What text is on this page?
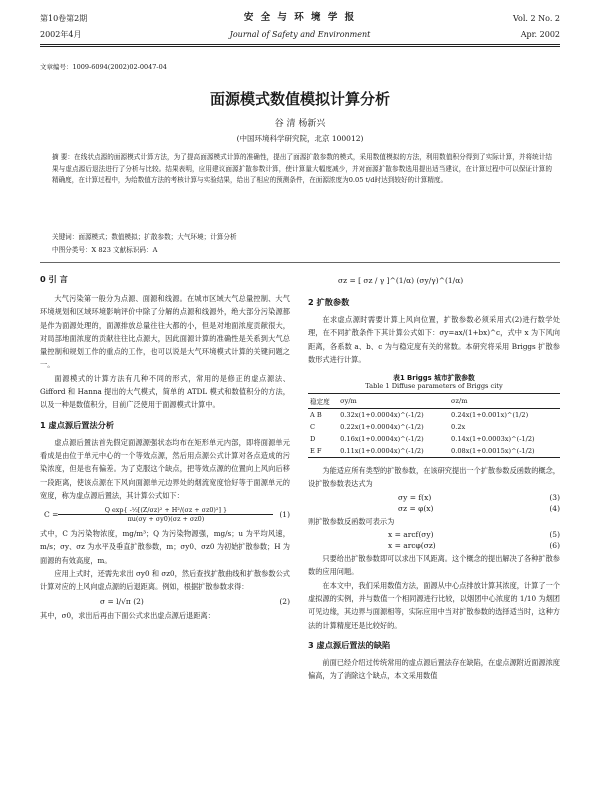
第10卷第2期
2002年4月
安 全 与 环 境 学 报
Journal of Safety and Environment
Vol. 2 No. 2
Apr. 2002
文章编号：1009-6094(2002)02-0047-04
面源模式数值模拟计算分析
谷 清 杨新兴
(中国环境科学研究院，北京 100012)
摘 要：在线状点源的面源模式计算方法，为了提高面源模式计算的准确性，提出了面源扩散参数的模式，采用数值模拟的方法，利用数值积分得到了实际计算，并将统计结果与虚点源后退法进行了分析与比较。结果表明，应用建议面源扩散参数计算，使计算量大幅度减少，并对面源扩散参数选用提出适当建议，在计算过程中可以保证计算的精确度，在计算过程中，为给数值方法的考核计算与实验结果，给出了相应的预测条件，在面源浓度为0.05 t/d时达到较好的计算精度。
关键词：面源模式；数值模拟；扩散参数；大气环境；计算分析
中图分类号：X 823 文献标识码：A
0 引 言

大气污染第一般分为点源、面源和线源。在城市区域大气总量控制、大气环境规划和区域环境影响评价中除了分解的点源和线源外，绝大部分污染源都是作为面源处理的，面源排放总量往往大都的小，但是对地面浓度贡献很大，对局部地面浓度的贡献往往比点源大，因此面源计算的准确性是关系到大气总量控制和规划工作的重点的工作，也可以说是大气环境模式计算的关键问题之一。

面源模式的计算方法有几种不同的形式，常用的是修正的虚点源法、Gifford 和 Hanna 提出的大气模式，简单的 ATDL 模式和数值积分的方法，以及一种是数值积分，目前广泛使用于面源模式计算中。

1 虚点源后置法分析

虚点源后置法首先假定面源源强状态均布在矩形单元内部，即将面源单元看成是由位于单元中心的一个等效点源，然后用点源公式计算对各点造成的污染浓度，但是也有偏差。为了克服这个缺点，把等效点源的位置向上风向后移一段距离，使该点源在下风向面源单元边界处的烟流宽度恰好等于面源单元的宽度，称为虚点源后置法，其计算公式如下：

$C = \frac{\text{Q exp\{ -½[(Z/σz)² + H²/(σz + σz0)²] \}}}{\pi u(\sigma y + \sigma y0)(\sigma z + \sigma z0)} (1)$

式中，C 为污染物浓度，mg/m³；Q 为污染物源强，mg/s；u 为平均风速，m/s；σy、σz 为水平及垂直扩散参数，m；σy0、σz0 为初始扩散参数；H 为面源的有效高度，m。

应用上式时，还需先求出 σy0 和 σz0，然后查找扩散曲线和扩散参数公式计算对应的上风向虚点源的后退距离。例如，根据扩散参数求得：

σ = l/√π (2)	(2)

其中，σ0，求出后再由下面公式求出虚点源后退距离：

σz = [ σz / γ ]^(1/α) (σy/γ)^(1/α)
2 扩散参数

在求虚点源时需要计算上风向位置，扩散参数必须采用式(2)进行数学处理，在不同扩散条件下其计算公式如下：σy=ax/(1+bx)^c，式中 x 为下风向距离，各系数 a、b、c 为与稳定度有关的常数。本研究将采用 Briggs 扩散参数形式进行计算。

表1 Briggs 城市扩散参数
Table 1 Diffuse parameters of Briggs city
稳定度	σy/m	σz/m
A B	0.32x(1+0.0004x)^(-1/2)	0.24x(1+0.001x)^(1/2)
C	0.22x(1+0.0004x)^(-1/2)	0.2x
D	0.16x(1+0.0004x)^(-1/2)	0.14x(1+0.0003x)^(-1/2)
E F	0.11x(1+0.0004x)^(-1/2)	0.08x(1+0.0015x)^(-1/2)

为能适应所有类型的扩散参数，在该研究提出一个扩散参数反函数的概念，设扩散参数表达式为

σy = f(x)	(3)
σz = φ(x)	(4)

则扩散参数反函数可表示为

x = arcf(σy)	(5)
x = arcφ(σz)	(6)

只要给出扩散参数即可以求出下风距离。这个概念的提出解决了各种扩散参数的应用问题。

在本文中，我们采用数值方法，面源从中心点排放计算其浓度，计算了一个虚拟源的实例，并与数值一个相同源进行比较，以烟团中心浓度的 1/10 为烟团可见边缘，其边界与面源相等，实际应用中当对扩散参数的选择适当时，这种方法的计算精度还是比较好的。

3 虚点源后置法的缺陷

前面已经介绍过传统常用的虚点源后置法存在缺陷，在虚点源附近面源浓度偏高，为了消除这个缺点，本文采用数值
